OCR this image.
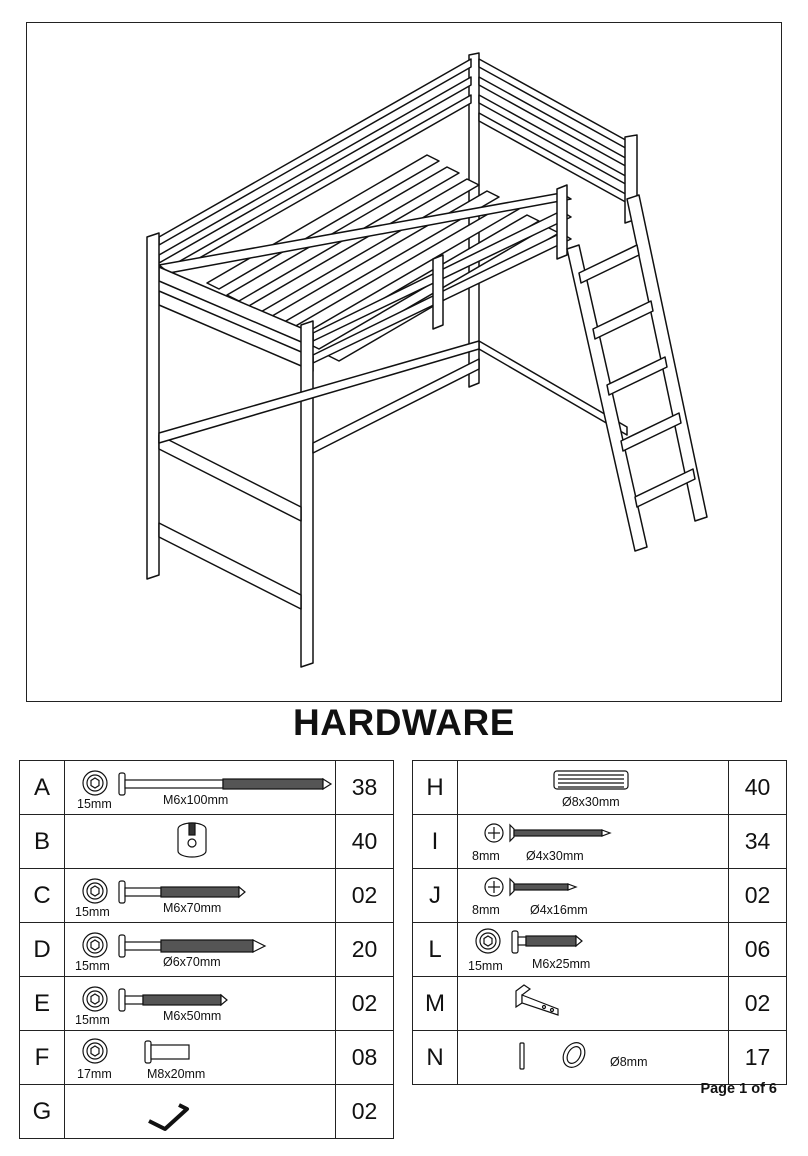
HARDWARE
A	15mm M6x100mm	38
B		40
C	15mm M6x70mm	02
D	15mm Ø6x70mm	20
E	15mm M6x50mm	02
F	17mm M8x20mm	08
G		02
H	Ø8x30mm	40
I	8mm Ø4x30mm	34
J	8mm Ø4x16mm	02
L	15mm M6x25mm	06
M		02
N	Ø8mm	17
Page 1 of 6
